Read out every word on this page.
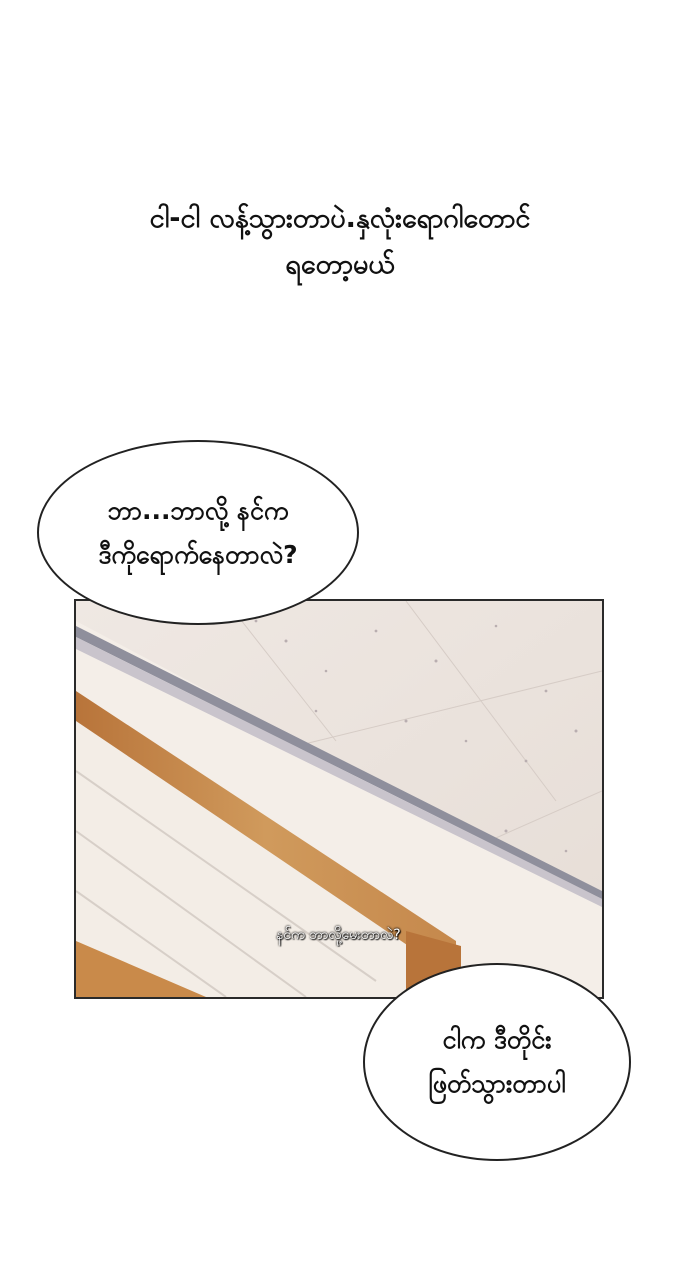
ငါ-ငါ လန့်သွားတာပဲ.နှလုံးရောဂါတောင်
ရတော့မယ်
နင်က ဘာလို့မေးတာလဲ?
ဘာ...ဘာလို့ နင်က
ဒီကိုရောက်နေတာလဲ?
ငါက ဒီတိုင်း
ဖြတ်သွားတာပါ
